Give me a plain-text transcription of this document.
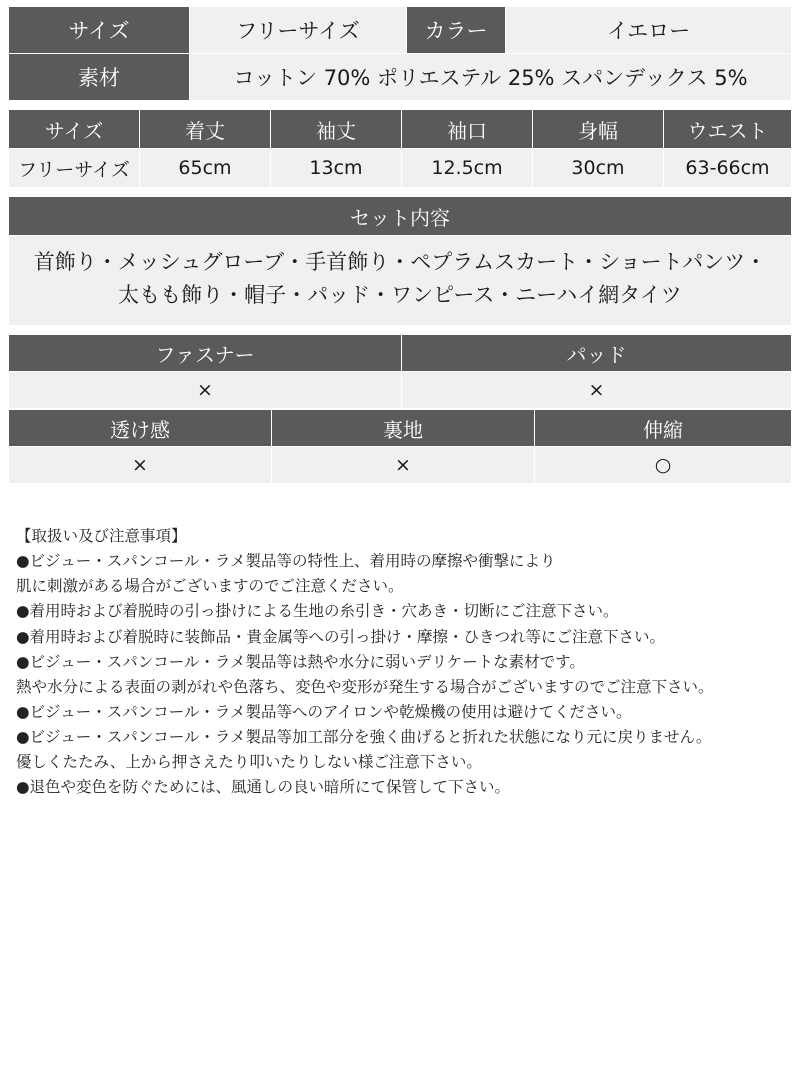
サイズ	フリーサイズ	カラー	イエロー
素材	コットン 70% ポリエステル 25% スパンデックス 5%		
サイズ	着丈	袖丈	袖口	身幅	ウエスト
フリーサイズ	65cm	13cm	12.5cm	30cm	63-66cm
セット内容

首飾り・メッシュグローブ・手首飾り・ペプラムスカート・ショートパンツ・
太もも飾り・帽子・パッド・ワンピース・ニーハイ網タイツ
ファスナー	パッド
×	×
透け感	裏地	伸縮
×	×	○
【取扱い及び注意事項】
●ビジュー・スパンコール・ラメ製品等の特性上、着用時の摩擦や衝撃により
肌に刺激がある場合がございますのでご注意ください。
●着用時および着脱時の引っ掛けによる生地の糸引き・穴あき・切断にご注意下さい。
●着用時および着脱時に装飾品・貴金属等への引っ掛け・摩擦・ひきつれ等にご注意下さい。
●ビジュー・スパンコール・ラメ製品等は熱や水分に弱いデリケートな素材です。
熱や水分による表面の剥がれや色落ち、変色や変形が発生する場合がございますのでご注意下さい。
●ビジュー・スパンコール・ラメ製品等へのアイロンや乾燥機の使用は避けてください。
●ビジュー・スパンコール・ラメ製品等加工部分を強く曲げると折れた状態になり元に戻りません。
優しくたたみ、上から押さえたり叩いたりしない様ご注意下さい。
●退色や変色を防ぐためには、風通しの良い暗所にて保管して下さい。
